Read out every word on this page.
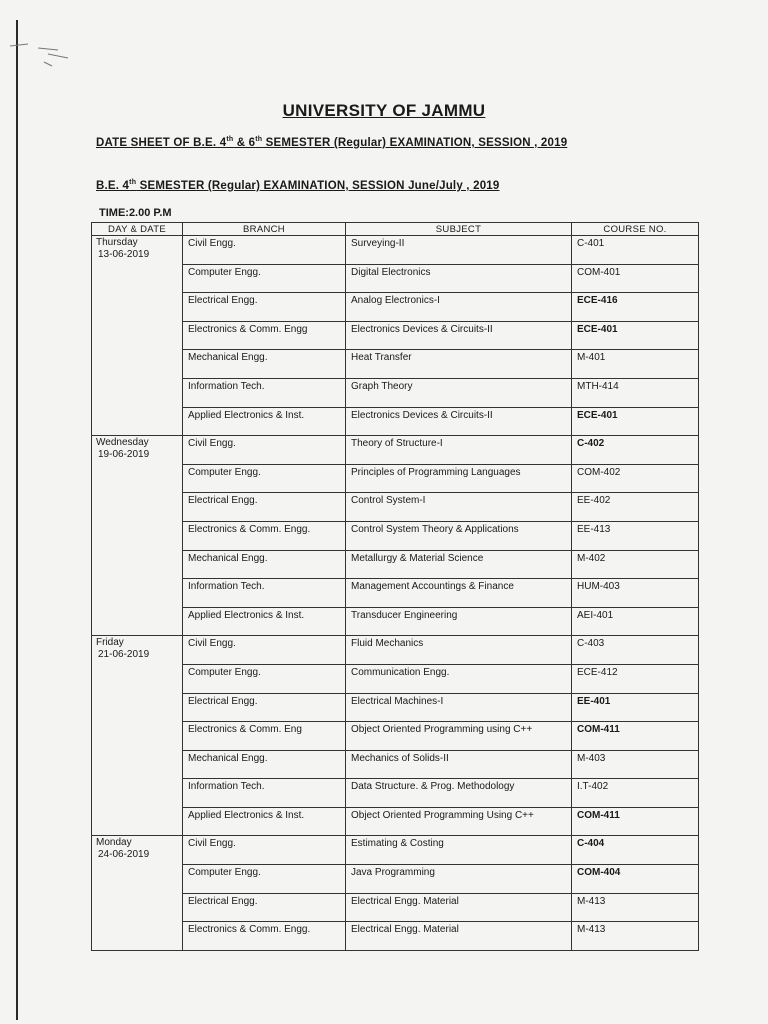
UNIVERSITY OF JAMMU
DATE SHEET OF B.E. 4th & 6th SEMESTER (Regular) EXAMINATION, SESSION , 2019
B.E. 4th SEMESTER (Regular) EXAMINATION, SESSION June/July , 2019
TIME:2.00 P.M
DAY & DATE	BRANCH	SUBJECT	COURSE NO.

Thursday
13-06-2019	Civil Engg.	Surveying-II	C-401
	Computer Engg.	Digital Electronics	COM-401
	Electrical Engg.	Analog Electronics-I	ECE-416
	Electronics & Comm. Engg	Electronics Devices & Circuits-II	ECE-401
	Mechanical Engg.	Heat Transfer	M-401
	Information Tech.	Graph Theory	MTH-414
	Applied Electronics & Inst.	Electronics Devices & Circuits-II	ECE-401

Wednesday
19-06-2019	Civil Engg.	Theory of Structure-I	C-402
	Computer Engg.	Principles of Programming Languages	COM-402
	Electrical Engg.	Control System-I	EE-402
	Electronics & Comm. Engg.	Control System Theory & Applications	EE-413
	Mechanical Engg.	Metallurgy & Material Science	M-402
	Information Tech.	Management Accountings & Finance	HUM-403
	Applied Electronics & Inst.	Transducer Engineering	AEI-401

Friday
21-06-2019	Civil Engg.	Fluid Mechanics	C-403
	Computer Engg.	Communication Engg.	ECE-412
	Electrical Engg.	Electrical Machines-I	EE-401
	Electronics & Comm. Eng	Object Oriented Programming using C++	COM-411
	Mechanical Engg.	Mechanics of Solids-II	M-403
	Information Tech.	Data Structure. & Prog. Methodology	I.T-402
	Applied Electronics & Inst.	Object Oriented Programming Using C++	COM-411

Monday
24-06-2019	Civil Engg.	Estimating & Costing	C-404
	Computer Engg.	Java Programming	COM-404
	Electrical Engg.	Electrical Engg. Material	M-413
	Electronics & Comm. Engg.	Electrical Engg. Material	M-413
